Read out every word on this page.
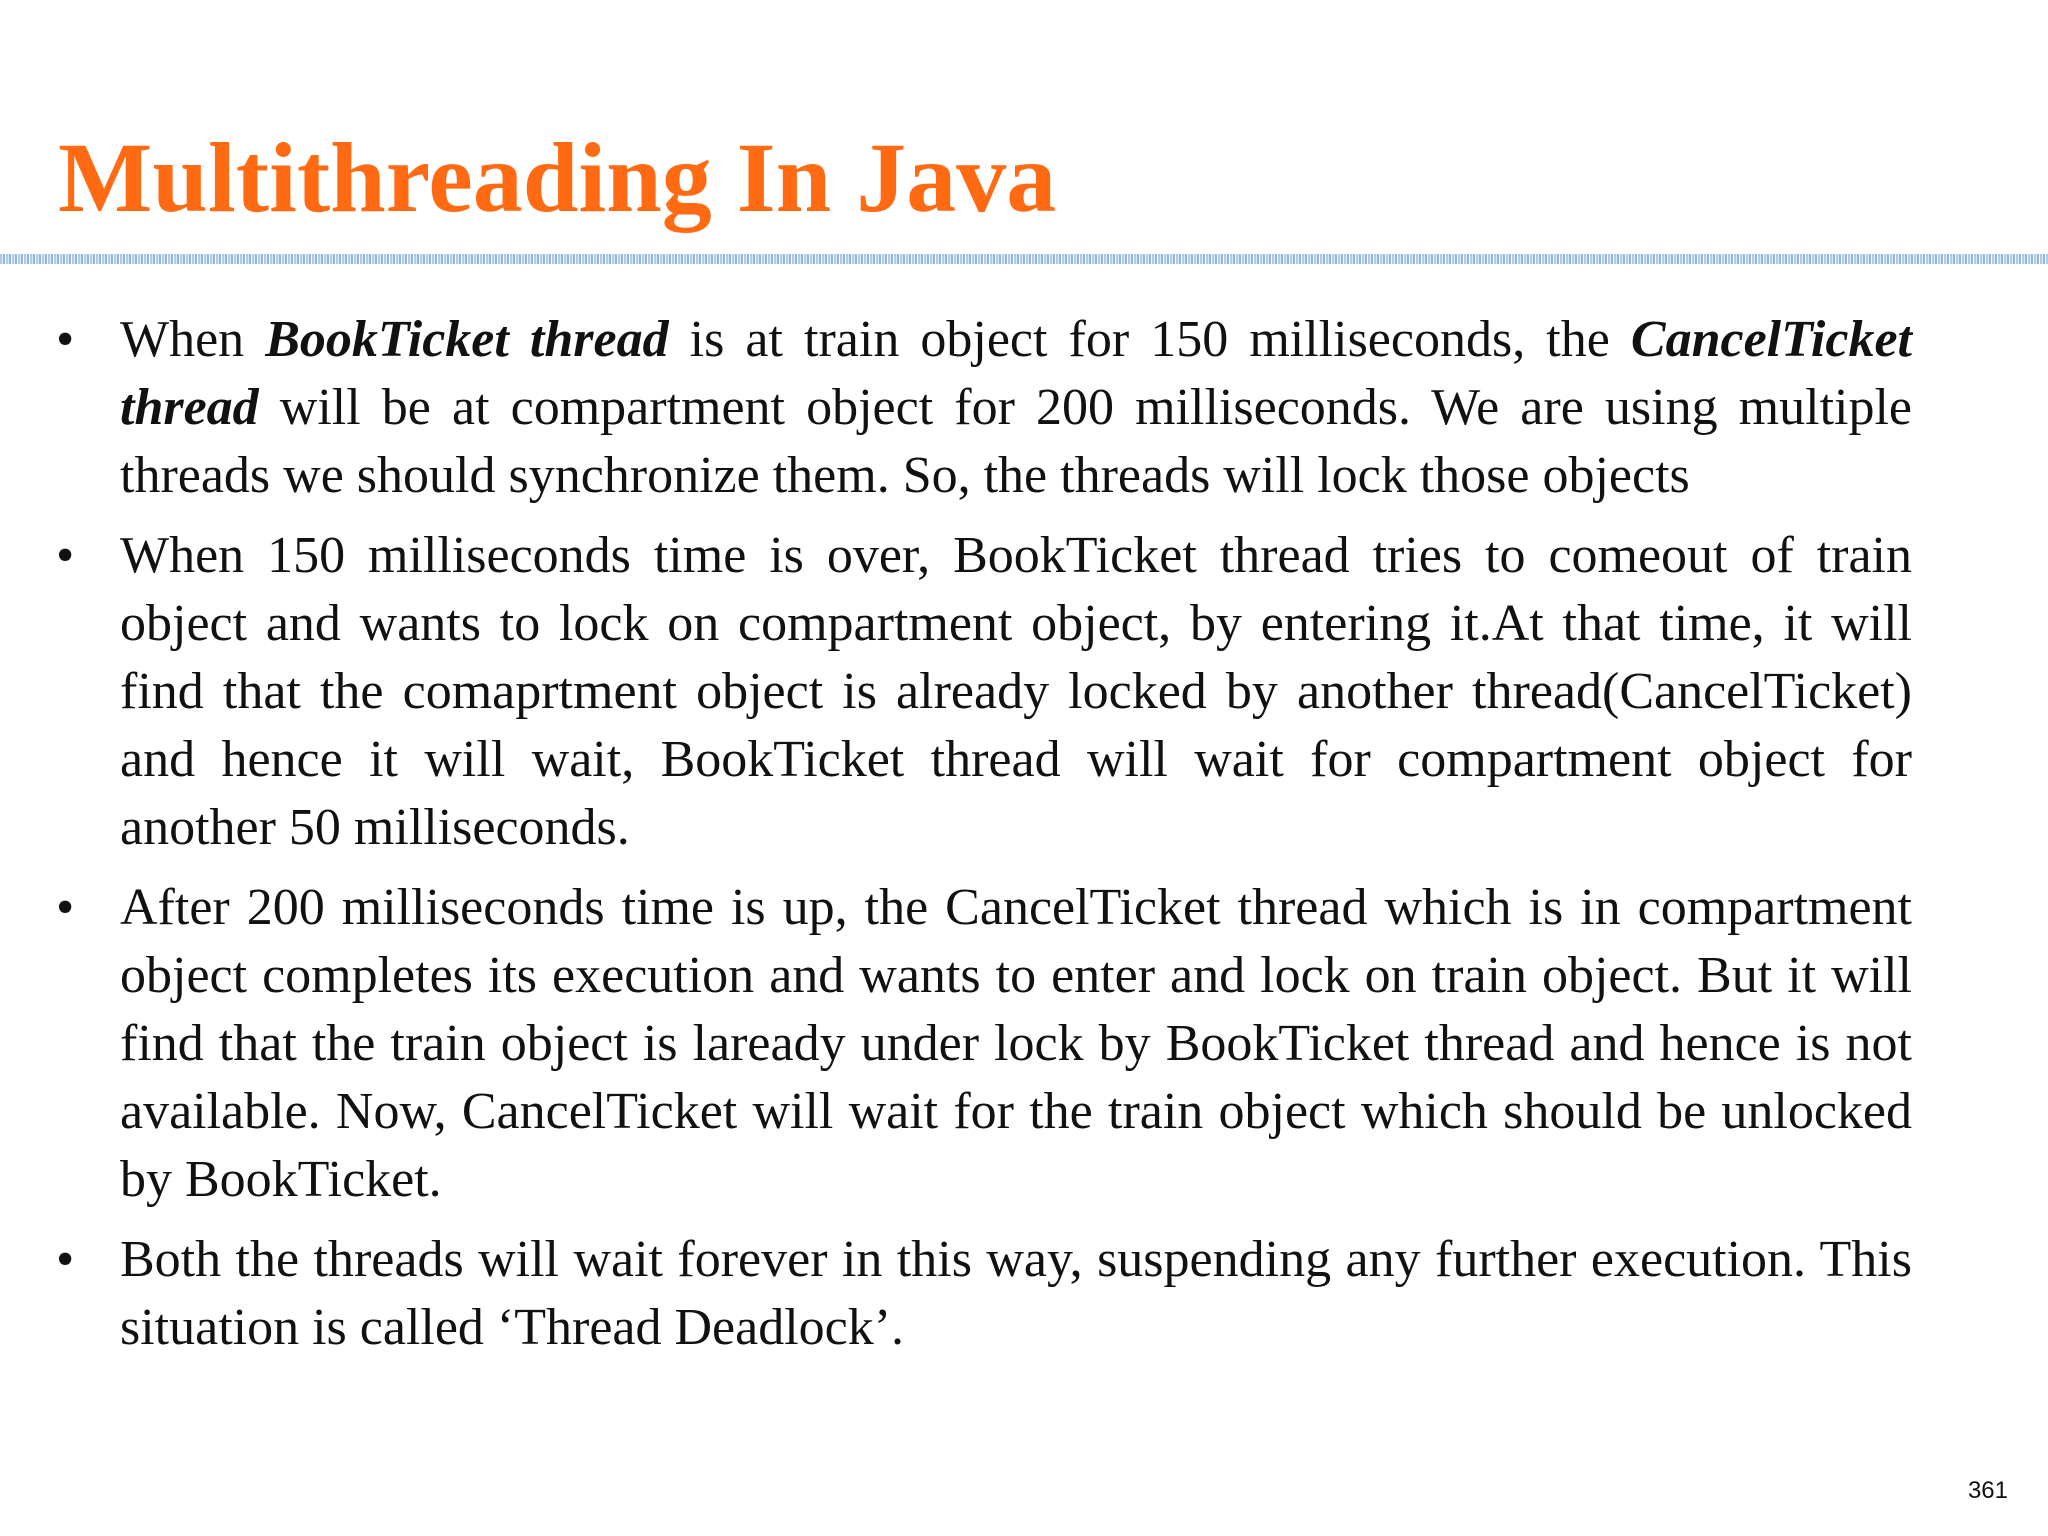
Multithreading In Java
• When BookTicket thread is at train object for 150 milliseconds, the CancelTicket thread will be at compartment object for 200 milliseconds. We are using multiple threads we should synchronize them. So, the threads will lock those objects
• When 150 milliseconds time is over, BookTicket thread tries to comeout of train object and wants to lock on compartment object, by entering it.At that time, it will find that the comaprtment object is already locked by another thread(CancelTicket) and hence it will wait, BookTicket thread will wait for compartment object for another 50 milliseconds.
• After 200 milliseconds time is up, the CancelTicket thread which is in compartment object completes its execution and wants to enter and lock on train object. But it will find that the train object is laready under lock by BookTicket thread and hence is not available. Now, CancelTicket will wait for the train object which should be unlocked by BookTicket.
• Both the threads will wait forever in this way, suspending any further execution. This situation is called ‘Thread Deadlock’.
361
